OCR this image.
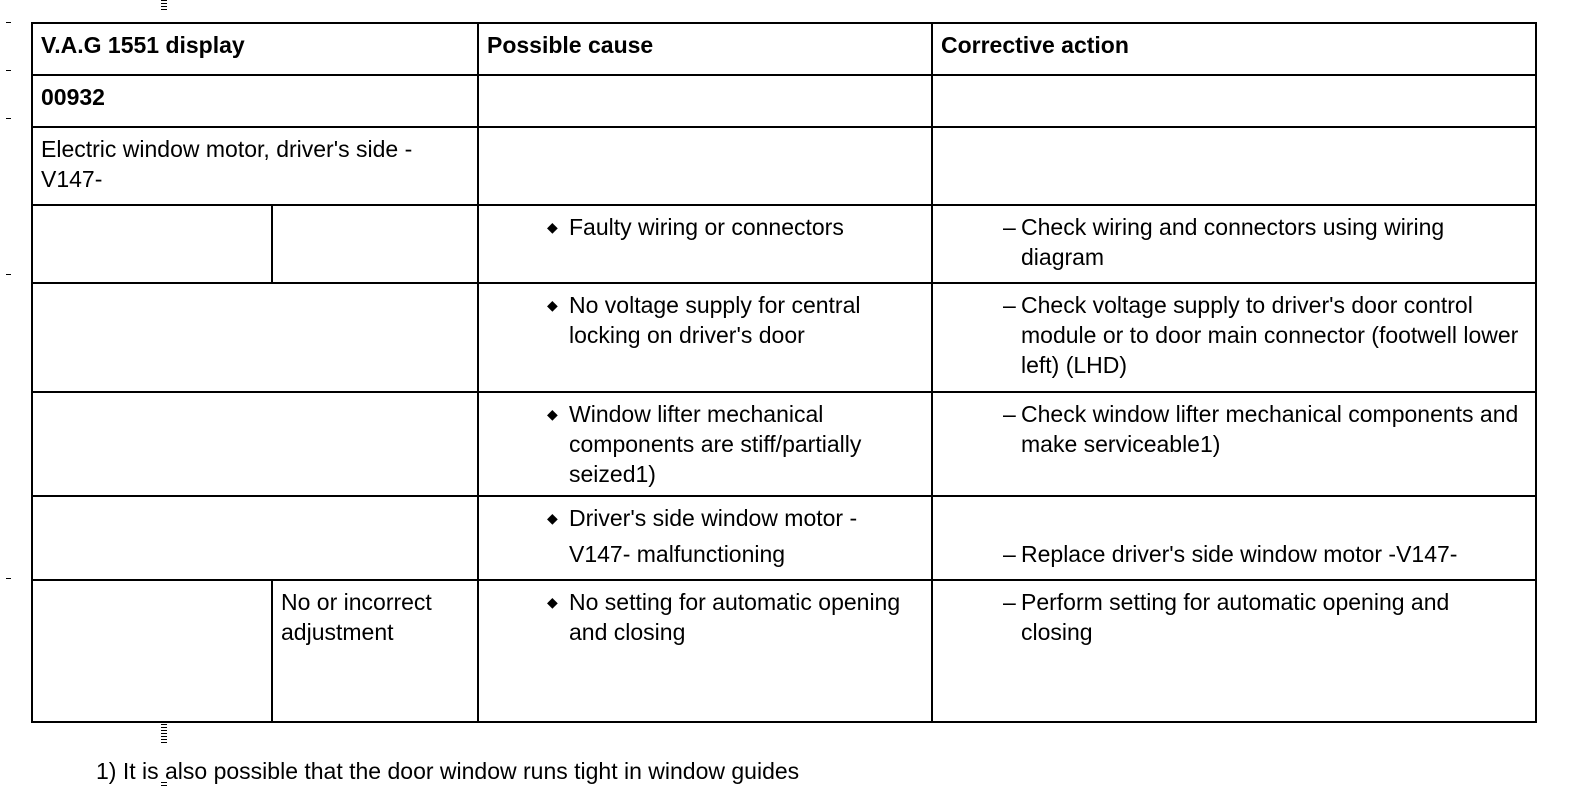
V.A.G 1551 display		Possible cause	Corrective action
00932			
Electric window motor, driver's side -V147-			

		◆ Faulty wiring or connectors	– Check wiring and connectors using wiring diagram

		◆ No voltage supply for central locking on driver's door	– Check voltage supply to driver's door control module or to door main connector (footwell lower left) (LHD)

		◆ Window lifter mechanical components are stiff/partially seized1)	– Check window lifter mechanical components and make serviceable1)

		◆ Driver's side window motor -
V147- malfunctioning	– Replace driver's side window motor -V147-

	No or incorrect adjustment	◆ No setting for automatic opening and closing	– Perform setting for automatic opening and closing
1) It is also possible that the door window runs tight in window guides
